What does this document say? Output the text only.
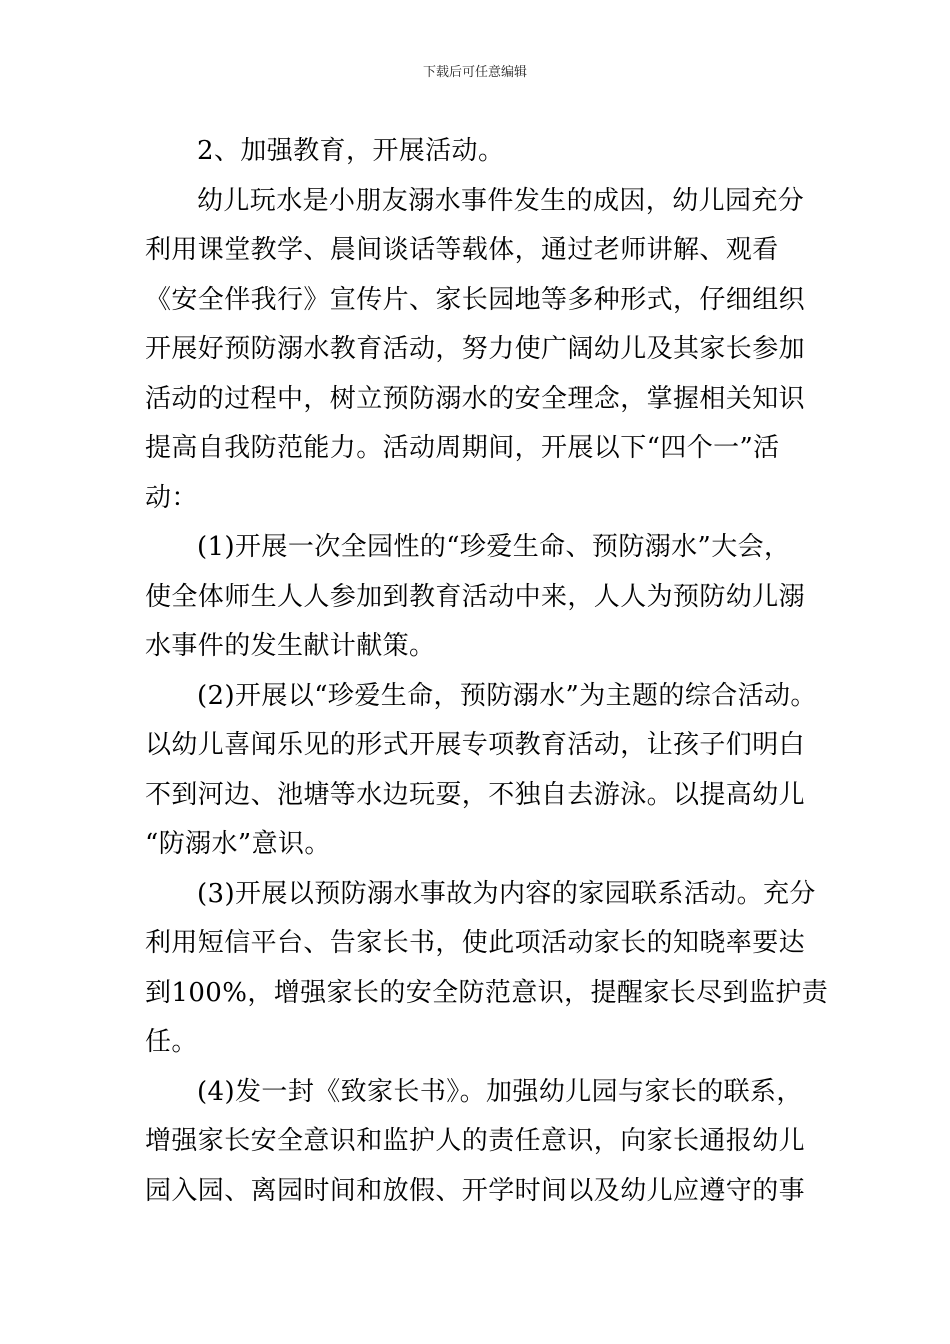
下载后可任意编辑

2、加强教育，开展活动。

幼儿玩水是小朋友溺水事件发生的成因，幼儿园充分
利用课堂教学、晨间谈话等载体，通过老师讲解、观看
《安全伴我行》宣传片、家长园地等多种形式，仔细组织
开展好预防溺水教育活动，努力使广阔幼儿及其家长参加
活动的过程中，树立预防溺水的安全理念，掌握相关知识
提高自我防范能力。活动周期间，开展以下“四个一”活
动：

(1)开展一次全园性的“珍爱生命、预防溺水”大会，
使全体师生人人参加到教育活动中来，人人为预防幼儿溺
水事件的发生献计献策。

(2)开展以“珍爱生命，预防溺水”为主题的综合活动。
以幼儿喜闻乐见的形式开展专项教育活动，让孩子们明白
不到河边、池塘等水边玩耍，不独自去游泳。以提高幼儿
“防溺水”意识。

(3)开展以预防溺水事故为内容的家园联系活动。充分
利用短信平台、告家长书，使此项活动家长的知晓率要达
到100%，增强家长的安全防范意识，提醒家长尽到监护责
任。

(4)发一封《致家长书》。加强幼儿园与家长的联系，
增强家长安全意识和监护人的责任意识，向家长通报幼儿
园入园、离园时间和放假、开学时间以及幼儿应遵守的事
